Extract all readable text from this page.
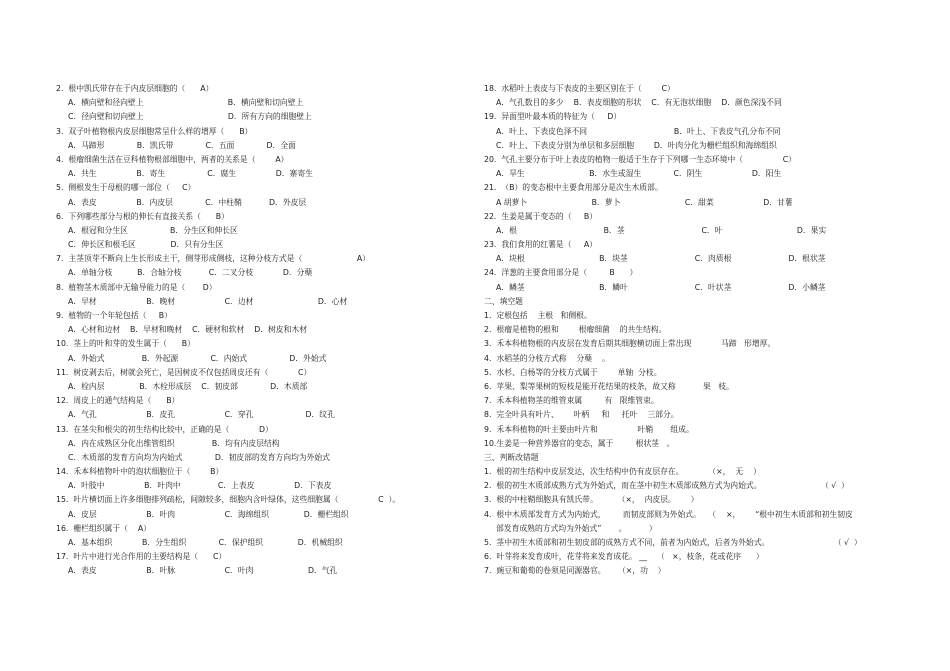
2.  根中凯氏带存在于内皮层细胞的（      A）
A．横向壁和径向壁上                                  B．横向壁和切向壁上
C．径向壁和切向壁上                                  D．所有方向的细胞壁上
3.  双子叶植物根内皮层细胞常呈什么样的增厚（      B）
A．马蹄形             B．凯氏带             C．五面             D．全面
4.  根瘤细菌生活在豆科植物根部细胞中，两者的关系是（        A）
A．共生                B．寄生                 C．腐生                D．寨寄生
5.  侧根发生于母根的哪一部位（     C）
A．表皮                B．内皮层             C．中柱鞘           D．外皮层
6.  下列哪些部分与根的伸长有直接关系（      B）
A．根冠和分生区                 B．分生区和伸长区
C．伸长区和根毛区              D．只有分生区
7.  主茎顶芽不断向上生长形成主干，侧芽形成侧枝，这种分枝方式是（                      A）
A．单轴分枝          B．合轴分枝           C．二叉分枝            D．分蘖
8.  植物茎木质部中无输导能力的是（       D）
A．早材                    B．晚材                    C．边材                          D．心材
9.  植物的一个年轮包括（     B）
A．心材和边材    B．早材和晚材    C．硬材和软材    D．树皮和木材
10.  茎上的叶和芽的发生属于（      B）
A．外始式               B．外起源             C．内始式                 D．外始式
11.  树皮剥去后，树就会死亡，是因树皮不仅包括周皮还有（            C）
A．栓内层              B．木栓形成层    C．韧皮部             D．木质部
12.  周皮上的通气结构是（      B）
A．气孔                    B．皮孔                    C．穿孔                     D．纹孔
13.  在茎尖和根尖的初生结构比较中，正确的是（            D）
A．内在成熟区分化出维管组织               B．均有内皮层结构
C．木质部的发育方向均为内始式             D．韧皮部的发育方向均为外始式
14.  禾本科植物叶中的泡状细胞位于（        B）
A．叶肢中                B．叶肉中               C．上表皮                D．下表皮
15.  叶片横切面上许多细胞排列疏松，间隙较多，细胞内含叶绿体，这些细胞属（                C  ）。
A．皮层                    B．叶肉                    C．海绵组织              D．栅栏组织
16.  栅栏组织属于（    A）
A．基本组织            B．分生组织             C．保护组织              D．机械组织
17.  叶片中进行光合作用的主要结构是（      C）
A．表皮                    B．叶脉                    C．叶肉                      D．气孔
18.  水稻叶上表皮与下表皮的主要区别在于（        C）
A．气孔数目的多少    B．表皮细胞的形状    C．有无泡状细胞    D．颜色深浅不同
19.  异面型叶最本质的特征为（     D）
A．叶上、下表皮色泽不同                                   B．叶上、下表皮气孔分布不同
C．叶上、下表皮分别为单层和多层细胞        D．叶肉分化为栅栏组织和海绵组织
20.  气孔主要分布于叶上表皮的植物一般适于生存于下列哪一生态环境中（                C）
A．旱生                          B．水生或湿生             C．阴生                    D．阳生
21.  （B）的变态根中主要食用部分是次生木质部。
A 胡萝卜                          B．萝卜                          C．甜菜                    D．甘薯
22.  生姜是属于变态的（     B）
A．根                                   B．茎                               C．叶                              D．果实
23.  我们食用的红薯是（     A）
A．块根                              B．块茎                           C．肉质根                       D．根状茎
24.  洋葱的主要食用部分是（         B      ）
A．鳞茎                              B．鳞叶                           C．叶状茎                       D．小鳞茎
二、填空题
1.  定根包括    主根   和侧根。
2.  根瘤是植物的根和        根瘤细菌    的共生结构。
3.  禾本科植物根的内皮层在发育后期其细胞横切面上常出现            马蹄   形增厚。
4.  水稻茎的分枝方式称    分蘖    。
5.  水杉、白杨等的分枝方式属于        单轴  分枝。
6.  苹果、梨等果树的短枝是能开花结果的枝条，故又称           果   枝。
7.  禾本科植物茎的维管束属         有   限维管束。
8.  完全叶具有叶片、      叶柄     和     托叶    三部分。
9.  禾本科植物的叶主要由叶片和                叶鞘       组成。
10.生姜是一种营养器官的变态，属于         根状茎   。
三、判断改错题
1.  根的初生结构中皮层发达，次生结构中仍有皮层存在。          （×，  无    ）
2.  根的初生木质部成熟方式为外始式，而在茎中初生木质部成熟方式为内始式。                        （ √  ）
3.  根的中柱鞘细胞具有凯氏带。        （×，  内皮层。      ）
4.  根中木质部发育方式为内始式，       而韧皮部则为外始式。   （    ×，      “根中初生木质部和初生韧皮
部发育成熟的方式均为外始式”       。         ）
5.  茎中初生木质部和初生韧皮部的成熟方式不同，前者为内始式，后者为外始式。                          （ √  ）
6.  叶芽将来发育成叶，花芽将来发育成花。 __    （   ×，枝条，花或花序      ）
7.  豌豆和葡萄的卷须是同源器官。     （×，功    ）
